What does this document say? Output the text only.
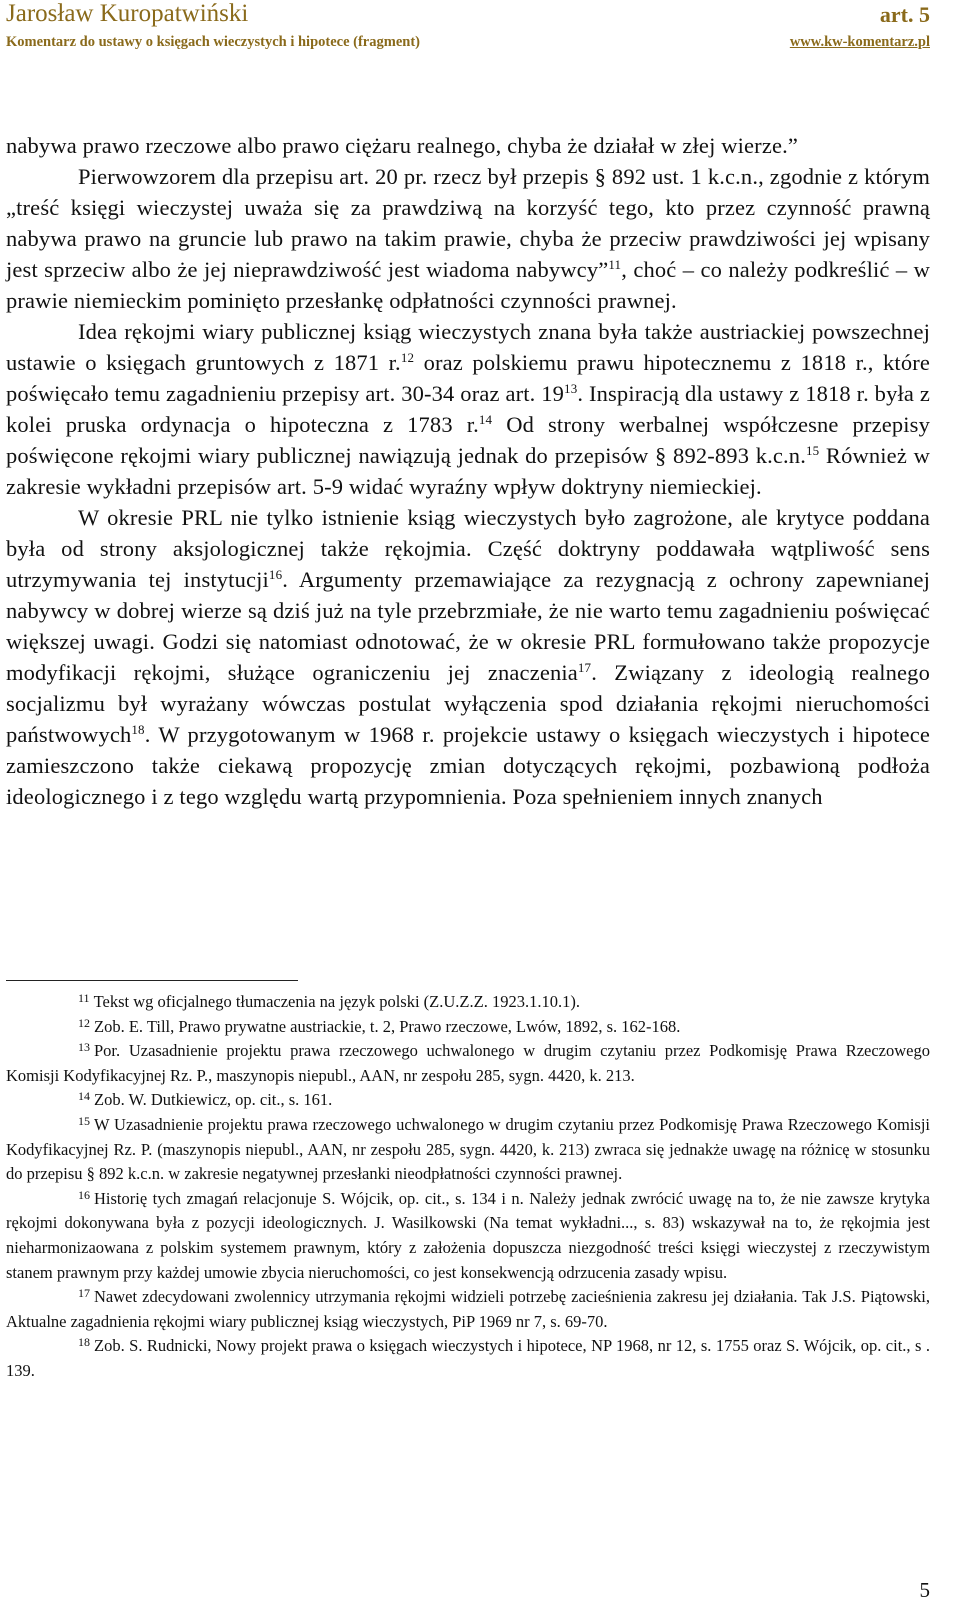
Jarosław Kuropatwiński	art. 5
Komentarz do ustawy o księgach wieczystych i hipotece (fragment)	www.kw-komentarz.pl

nabywa prawo rzeczowe albo prawo ciężaru realnego, chyba że działał w złej wierze.”

Pierwowzorem dla przepisu art. 20 pr. rzecz był przepis § 892 ust. 1 k.c.n., zgodnie z którym „treść księgi wieczystej uważa się za prawdziwą na korzyść tego, kto przez czynność prawną nabywa prawo na gruncie lub prawo na takim prawie, chyba że przeciw prawdziwości jej wpisany jest sprzeciw albo że jej nieprawdziwość jest wiadoma nabywcy”$^{11}$, choć – co należy podkreślić – w prawie niemieckim pominięto przesłankę odpłatności czynności prawnej.

Idea rękojmi wiary publicznej ksiąg wieczystych znana była także austriackiej powszechnej ustawie o księgach gruntowych z 1871 r.$^{12}$ oraz polskiemu prawu hipotecznemu z 1818 r., które poświęcało temu zagadnieniu przepisy art. 30-34 oraz art. 19$^{13}$. Inspiracją dla ustawy z 1818 r. była z kolei pruska ordynacja o hipoteczna z 1783 r.$^{14}$ Od strony werbalnej współczesne przepisy poświęcone rękojmi wiary publicznej nawiązują jednak do przepisów § 892-893 k.c.n.$^{15}$ Również w zakresie wykładni przepisów art. 5-9 widać wyraźny wpływ doktryny niemieckiej.

W okresie PRL nie tylko istnienie ksiąg wieczystych było zagrożone, ale krytyce poddana była od strony aksjologicznej także rękojmia. Część doktryny poddawała wątpliwość sens utrzymywania tej instytucji$^{16}$. Argumenty przemawiające za rezygnacją z ochrony zapewnianej nabywcy w dobrej wierze są dziś już na tyle przebrzmiałe, że nie warto temu zagadnieniu poświęcać większej uwagi. Godzi się natomiast odnotować, że w okresie PRL formułowano także propozycje modyfikacji rękojmi, służące ograniczeniu jej znaczenia$^{17}$. Związany z ideologią realnego socjalizmu był wyrażany wówczas postulat wyłączenia spod działania rękojmi nieruchomości państwowych$^{18}$. W przygotowanym w 1968 r. projekcie ustawy o księgach wieczystych i hipotece zamieszczono także ciekawą propozycję zmian dotyczących rękojmi, pozbawioną podłoża ideologicznego i z tego względu wartą przypomnienia. Poza spełnieniem innych znanych

$^{11}$ Tekst wg oficjalnego tłumaczenia na język polski (Z.U.Z.Z. 1923.1.10.1).

$^{12}$ Zob. E. Till, Prawo prywatne austriackie, t. 2, Prawo rzeczowe, Lwów, 1892, s. 162-168.

$^{13}$ Por. Uzasadnienie projektu prawa rzeczowego uchwalonego w drugim czytaniu przez Podkomisję Prawa Rzeczowego Komisji Kodyfikacyjnej Rz. P., maszynopis niepubl., AAN, nr zespołu 285, sygn. 4420, k. 213.

$^{14}$ Zob. W. Dutkiewicz, op. cit., s. 161.

$^{15}$ W Uzasadnienie projektu prawa rzeczowego uchwalonego w drugim czytaniu przez Podkomisję Prawa Rzeczowego Komisji Kodyfikacyjnej Rz. P. (maszynopis niepubl., AAN, nr zespołu 285, sygn. 4420, k. 213) zwraca się jednakże uwagę na różnicę w stosunku do przepisu § 892 k.c.n. w zakresie negatywnej przesłanki nieodpłatności czynności prawnej.

$^{16}$ Historię tych zmagań relacjonuje S. Wójcik, op. cit., s. 134 i n. Należy jednak zwrócić uwagę na to, że nie zawsze krytyka rękojmi dokonywana była z pozycji ideologicznych. J. Wasilkowski (Na temat wykładni..., s. 83) wskazywał na to, że rękojmia jest nieharmonizaowana z polskim systemem prawnym, który z założenia dopuszcza niezgodność treści księgi wieczystej z rzeczywistym stanem prawnym przy każdej umowie zbycia nieruchomości, co jest konsekwencją odrzucenia zasady wpisu.

$^{17}$ Nawet zdecydowani zwolennicy utrzymania rękojmi widzieli potrzebę zacieśnienia zakresu jej działania. Tak J.S. Piątowski, Aktualne zagadnienia rękojmi wiary publicznej ksiąg wieczystych, PiP 1969 nr 7, s. 69-70.

$^{18}$ Zob. S. Rudnicki, Nowy projekt prawa o księgach wieczystych i hipotece, NP 1968, nr 12, s. 1755 oraz S. Wójcik, op. cit., s . 139.

5
